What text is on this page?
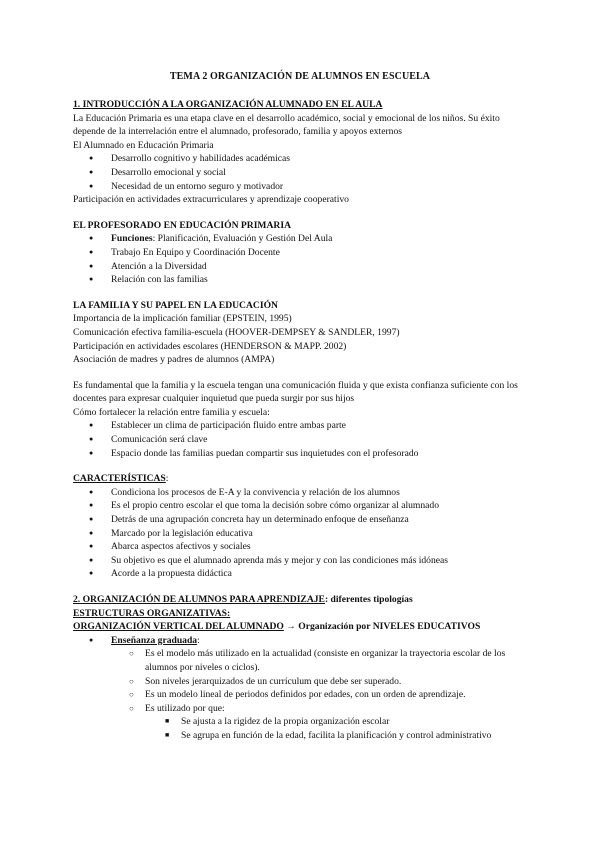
TEMA 2 ORGANIZACIÓN DE ALUMNOS EN ESCUELA

1. INTRODUCCIÓN A LA ORGANIZACIÓN ALUMNADO EN EL AULA

La Educación Primaria es una etapa clave en el desarrollo académico, social y emocional de los niños. Su éxito depende de la interrelación entre el alumnado, profesorado, familia y apoyos externos

El Alumnado en Educación Primaria

● Desarrollo cognitivo y habilidades académicas
● Desarrollo emocional y social
● Necesidad de un entorno seguro y motivador

Participación en actividades extracurriculares y aprendizaje cooperativo

EL PROFESORADO EN EDUCACIÓN PRIMARIA

● Funciones: Planificación, Evaluación y Gestión Del Aula
● Trabajo En Equipo y Coordinación Docente
● Atención a la Diversidad
● Relación con las familias

LA FAMILIA Y SU PAPEL EN LA EDUCACIÓN

Importancia de la implicación familiar (EPSTEIN, 1995)

Comunicación efectiva familia-escuela (HOOVER-DEMPSEY & SANDLER, 1997)

Participación en actividades escolares (HENDERSON & MAPP. 2002)

Asociación de madres y padres de alumnos (AMPA)

Es fundamental que la familia y la escuela tengan una comunicación fluida y que exista confianza suficiente con los docentes para expresar cualquier inquietud que pueda surgir por sus hijos

Cómo fortalecer la relación entre familia y escuela:

● Establecer un clima de participación fluido entre ambas parte
● Comunicación será clave
● Espacio donde las familias puedan compartir sus inquietudes con el profesorado

CARACTERÍSTICAS:

● Condiciona los procesos de E-A y la convivencia y relación de los alumnos
● Es el propio centro escolar el que toma la decisión sobre cómo organizar al alumnado
● Detrás de una agrupación concreta hay un determinado enfoque de enseñanza
● Marcado por la legislación educativa
● Abarca aspectos afectivos y sociales
● Su objetivo es que el alumnado aprenda más y mejor y con las condiciones más idóneas
● Acorde a la propuesta didáctica

2. ORGANIZACIÓN DE ALUMNOS PARA APRENDIZAJE: diferentes tipologías

ESTRUCTURAS ORGANIZATIVAS:

ORGANIZACIÓN VERTICAL DEL ALUMNADO → Organización por NIVELES EDUCATIVOS

● Enseñanza graduada:
○ Es el modelo más utilizado en la actualidad (consiste en organizar la trayectoria escolar de los alumnos por niveles o ciclos).
○ Son niveles jerarquizados de un currículum que debe ser superado.
○ Es un modelo lineal de periodos definidos por edades, con un orden de aprendizaje.
○ Es utilizado por que:
■ Se ajusta a la rigidez de la propia organización escolar
■ Se agrupa en función de la edad, facilita la planificación y control administrativo
